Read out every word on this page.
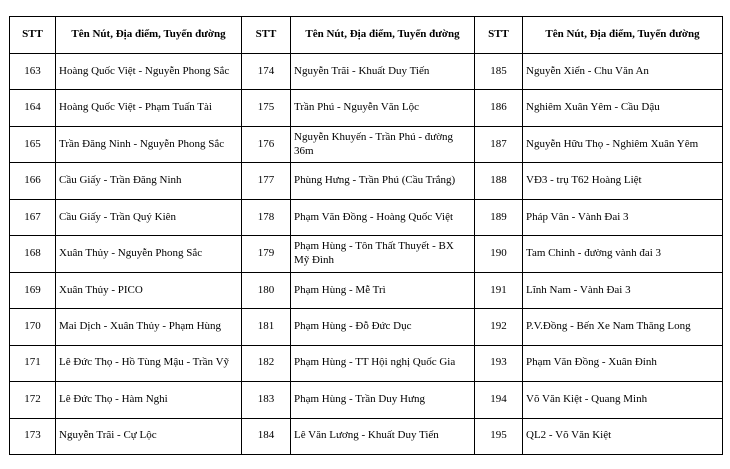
STT	Tên Nút, Địa điểm, Tuyến đường	STT	Tên Nút, Địa điểm, Tuyến đường	STT	Tên Nút, Địa điểm, Tuyến đường
163	Hoàng Quốc Việt - Nguyễn Phong Sắc	174	Nguyễn Trãi - Khuất Duy Tiến	185	Nguyễn Xiển - Chu Văn An
164	Hoàng Quốc Việt - Phạm Tuấn Tài	175	Trần Phú - Nguyễn Văn Lộc	186	Nghiêm Xuân Yêm - Cầu Dậu
165	Trần Đăng Ninh - Nguyễn Phong Sắc	176	Nguyễn Khuyến - Trần Phú - đường 36m	187	Nguyễn Hữu Thọ - Nghiêm Xuân Yêm
166	Cầu Giấy - Trần Đăng Ninh	177	Phùng Hưng - Trần Phú (Cầu Trắng)	188	VĐ3 - trụ T62 Hoàng Liệt
167	Cầu Giấy - Trần Quý Kiên	178	Phạm Văn Đồng - Hoàng Quốc Việt	189	Pháp Vân - Vành Đai 3
168	Xuân Thủy - Nguyễn Phong Sắc	179	Phạm Hùng - Tôn Thất Thuyết - BX Mỹ Đình	190	Tam Chinh - đường vành đai 3
169	Xuân Thủy - PICO	180	Phạm Hùng - Mễ Trì	191	Lĩnh Nam - Vành Đai 3
170	Mai Dịch - Xuân Thủy - Phạm Hùng	181	Phạm Hùng - Đỗ Đức Dục	192	P.V.Đồng - Bến Xe Nam Thăng Long
171	Lê Đức Thọ - Hồ Tùng Mậu - Trần Vỹ	182	Phạm Hùng - TT Hội nghị Quốc Gia	193	Phạm Văn Đồng - Xuân Đỉnh
172	Lê Đức Thọ - Hàm Nghi	183	Phạm Hùng - Trần Duy Hưng	194	Võ Văn Kiệt - Quang Minh
173	Nguyễn Trãi - Cự Lộc	184	Lê Văn Lương - Khuất Duy Tiến	195	QL2 - Võ Văn Kiệt
